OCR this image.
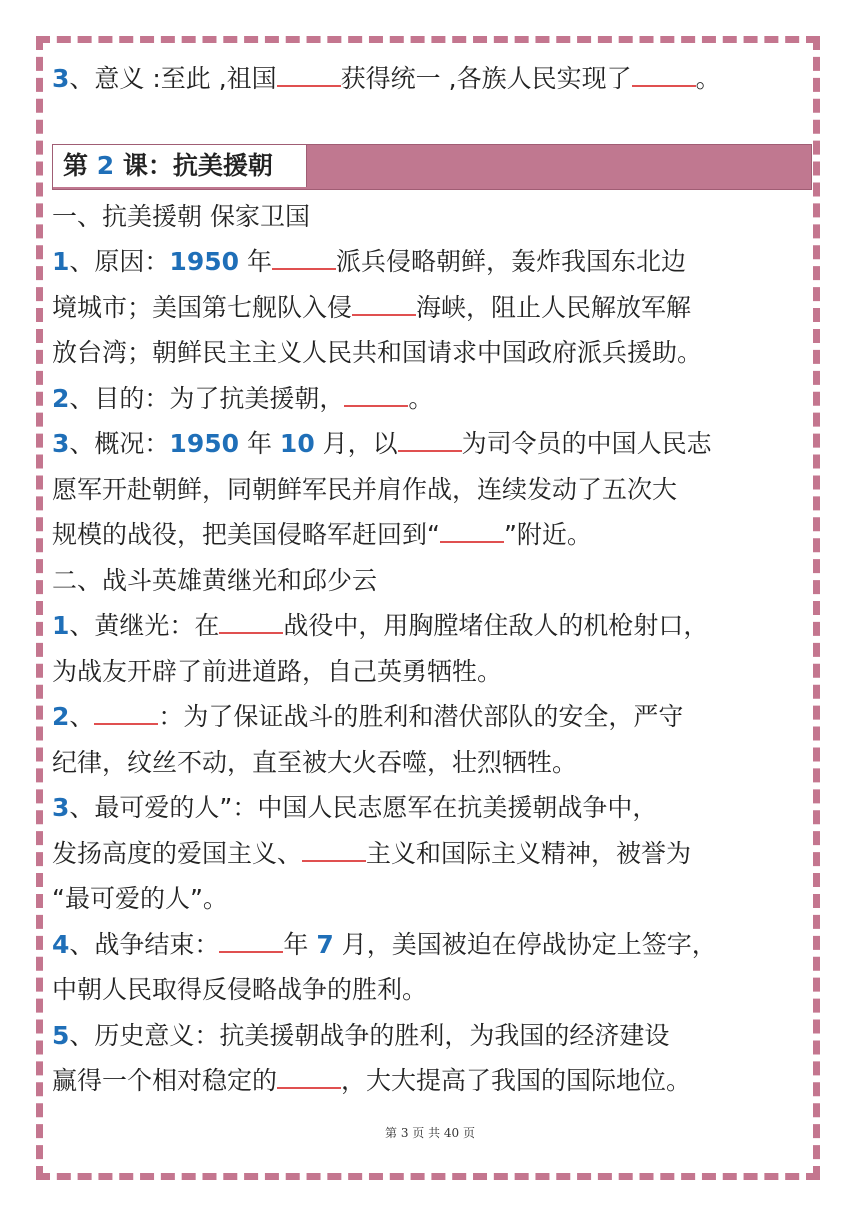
3、意义 :至此 ,祖国	获得统一 ,各族人民实现了	。

第 2 课：抗美援朝

一、抗美援朝 保家卫国

1、原因：1950 年	派兵侵略朝鲜，轰炸我国东北边

境城市；美国第七舰队入侵	海峡，阻止人民解放军解

放台湾；朝鲜民主主义人民共和国请求中国政府派兵援助。

2、目的：为了抗美援朝，	。

3、概况：1950 年 10 月，以	为司令员的中国人民志

愿军开赴朝鲜，同朝鲜军民并肩作战，连续发动了五次大

规模的战役，把美国侵略军赶回到“	”附近。

二、战斗英雄黄继光和邱少云

1、黄继光：在	战役中，用胸膛堵住敌人的机枪射口，

为战友开辟了前进道路，自己英勇牺牲。

2、	：为了保证战斗的胜利和潜伏部队的安全，严守

纪律，纹丝不动，直至被大火吞噬，壮烈牺牲。

3、最可爱的人”：中国人民志愿军在抗美援朝战争中，

发扬高度的爱国主义、	主义和国际主义精神，被誉为

“最可爱的人”。

4、战争结束：	年 7 月，美国被迫在停战协定上签字，

中朝人民取得反侵略战争的胜利。

5、历史意义：抗美援朝战争的胜利，为我国的经济建设

赢得一个相对稳定的	，大大提高了我国的国际地位。

第 3 页 共 40 页
